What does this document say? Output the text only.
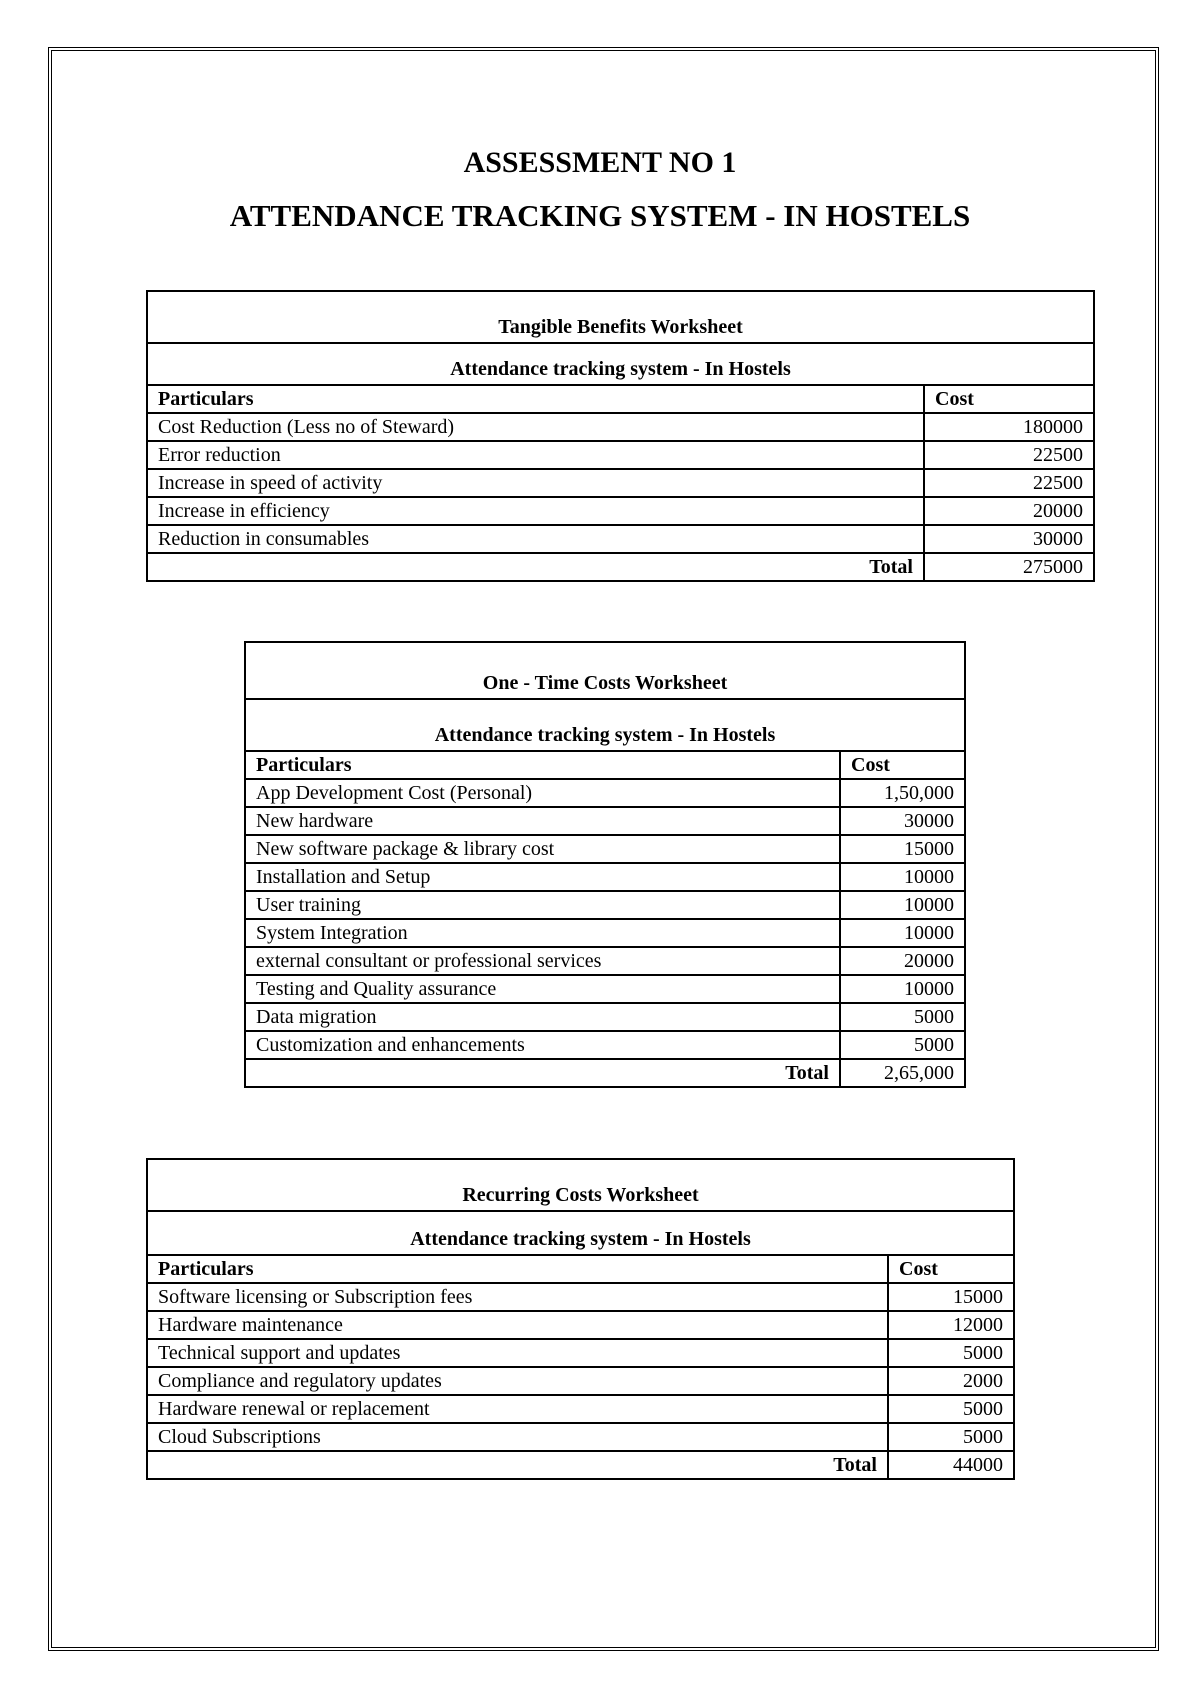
ASSESSMENT NO 1
ATTENDANCE TRACKING SYSTEM - IN HOSTELS
Tangible Benefits Worksheet	
Attendance tracking system - In Hostels	
Particulars	Cost
Cost Reduction (Less no of Steward)	180000
Error reduction	22500
Increase in speed of activity	22500
Increase in efficiency	20000
Reduction in consumables	30000
Total	275000
One - Time Costs Worksheet	
Attendance tracking system - In Hostels	
Particulars	Cost
App Development Cost (Personal)	1,50,000
New hardware	30000
New software package & library cost	15000
Installation and Setup	10000
User training	10000
System Integration	10000
external consultant or professional services	20000
Testing and Quality assurance	10000
Data migration	5000
Customization and enhancements	5000
Total	2,65,000
Recurring Costs Worksheet	
Attendance tracking system - In Hostels	
Particulars	Cost
Software licensing or Subscription fees	15000
Hardware maintenance	12000
Technical support and updates	5000
Compliance and regulatory updates	2000
Hardware renewal or replacement	5000
Cloud Subscriptions	5000
Total	44000
